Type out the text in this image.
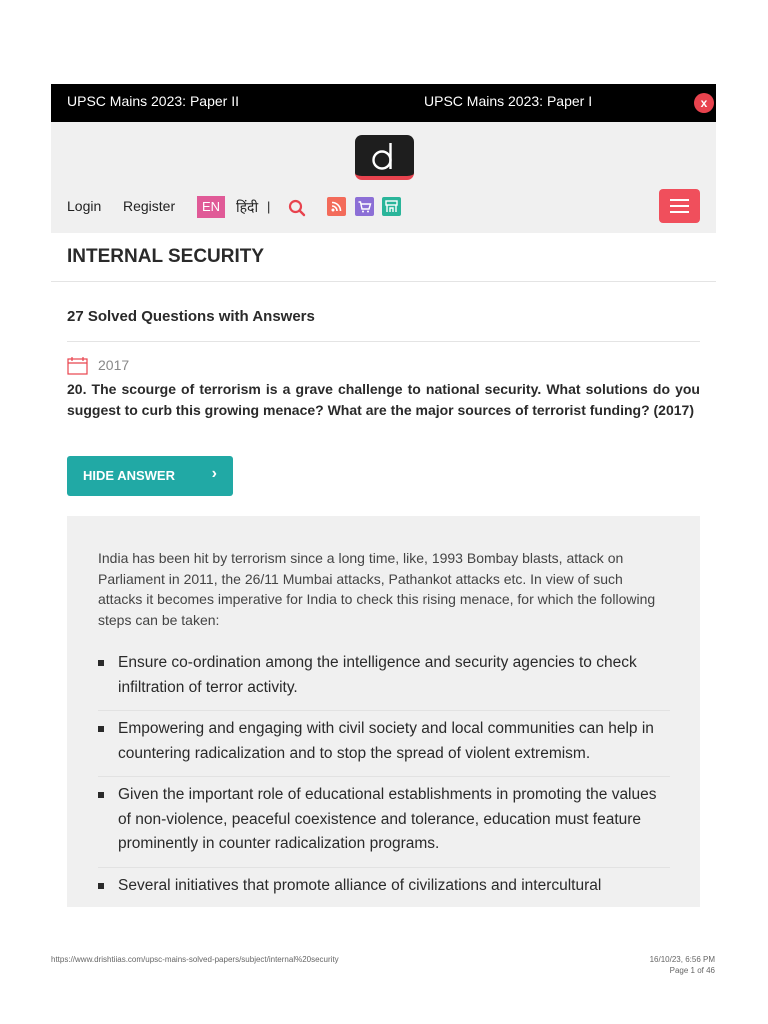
UPSC Mains 2023: Paper II	UPSC Mains 2023: Paper I	x
Login Register	EN	हिंदी |
INTERNAL SECURITY
27 Solved Questions with Answers
2017
20. The scourge of terrorism is a grave challenge to national security. What solutions do you suggest to curb this growing menace? What are the major sources of terrorist funding? (2017)
HIDE ANSWER ›
India has been hit by terrorism since a long time, like, 1993 Bombay blasts, attack on Parliament in 2011, the 26/11 Mumbai attacks, Pathankot attacks etc. In view of such attacks it becomes imperative for India to check this rising menace, for which the following steps can be taken:
Ensure co-ordination among the intelligence and security agencies to check infiltration of terror activity.
Empowering and engaging with civil society and local communities can help in countering radicalization and to stop the spread of violent extremism.
Given the important role of educational establishments in promoting the values of non-violence, peaceful coexistence and tolerance, education must feature prominently in counter radicalization programs.
Several initiatives that promote alliance of civilizations and intercultural
https://www.drishtiias.com/upsc-mains-solved-papers/subject/internal%20security	16/10/23, 6:56 PM
Page 1 of 46
